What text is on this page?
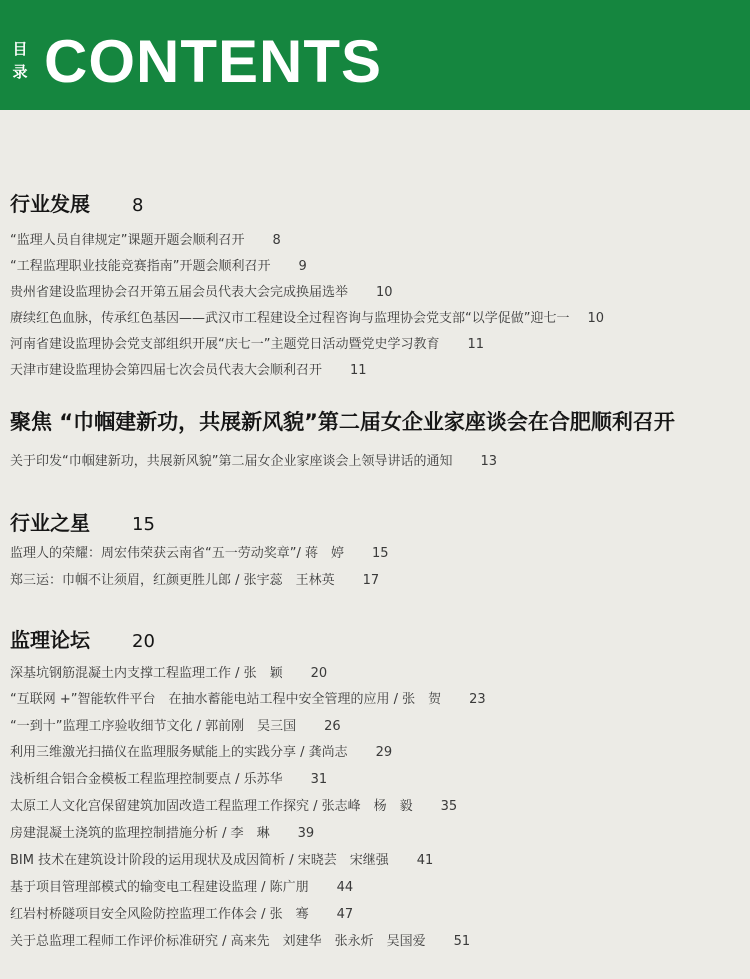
目
录 CONTENTS
行业发展 8
“监理人员自律规定”课题开题会顺利召开 8
“工程监理职业技能竞赛指南”开题会顺利召开 9
贵州省建设监理协会召开第五届会员代表大会完成换届选举 10
赓续红色血脉，传承红色基因——武汉市工程建设全过程咨询与监理协会党支部“以学促做”迎七一 10
河南省建设监理协会党支部组织开展“庆七一”主题党日活动暨党史学习教育 11
天津市建设监理协会第四届七次会员代表大会顺利召开 11
聚焦 “巾帼建新功，共展新风貌”第二届女企业家座谈会在合肥顺利召开
关于印发“巾帼建新功，共展新风貌”第二届女企业家座谈会上领导讲话的通知 13
行业之星 15
监理人的荣耀：周宏伟荣获云南省“五一劳动奖章”/ 蒋　婷 15
郑三运：巾帼不让须眉，红颜更胜儿郎 / 张宇蕊　王林英 17
监理论坛 20
深基坑钢筋混凝土内支撑工程监理工作 / 张　颖 20
“互联网 +”智能软件平台　在抽水蓄能电站工程中安全管理的应用 / 张　贺 23
“一到十”监理工序验收细节文化 / 郭前刚　吴三国 26
利用三维激光扫描仪在监理服务赋能上的实践分享 / 龚尚志 29
浅析组合铝合金模板工程监理控制要点 / 乐苏华 31
太原工人文化宫保留建筑加固改造工程监理工作探究 / 张志峰　杨　毅 35
房建混凝土浇筑的监理控制措施分析 / 李　琳 39
BIM 技术在建筑设计阶段的运用现状及成因简析 / 宋晓芸　宋继强 41
基于项目管理部模式的输变电工程建设监理 / 陈广朋 44
红岩村桥隧项目安全风险防控监理工作体会 / 张　骞 47
关于总监理工程师工作评价标准研究 / 高来先　刘建华　张永炘　吴国爱 51
